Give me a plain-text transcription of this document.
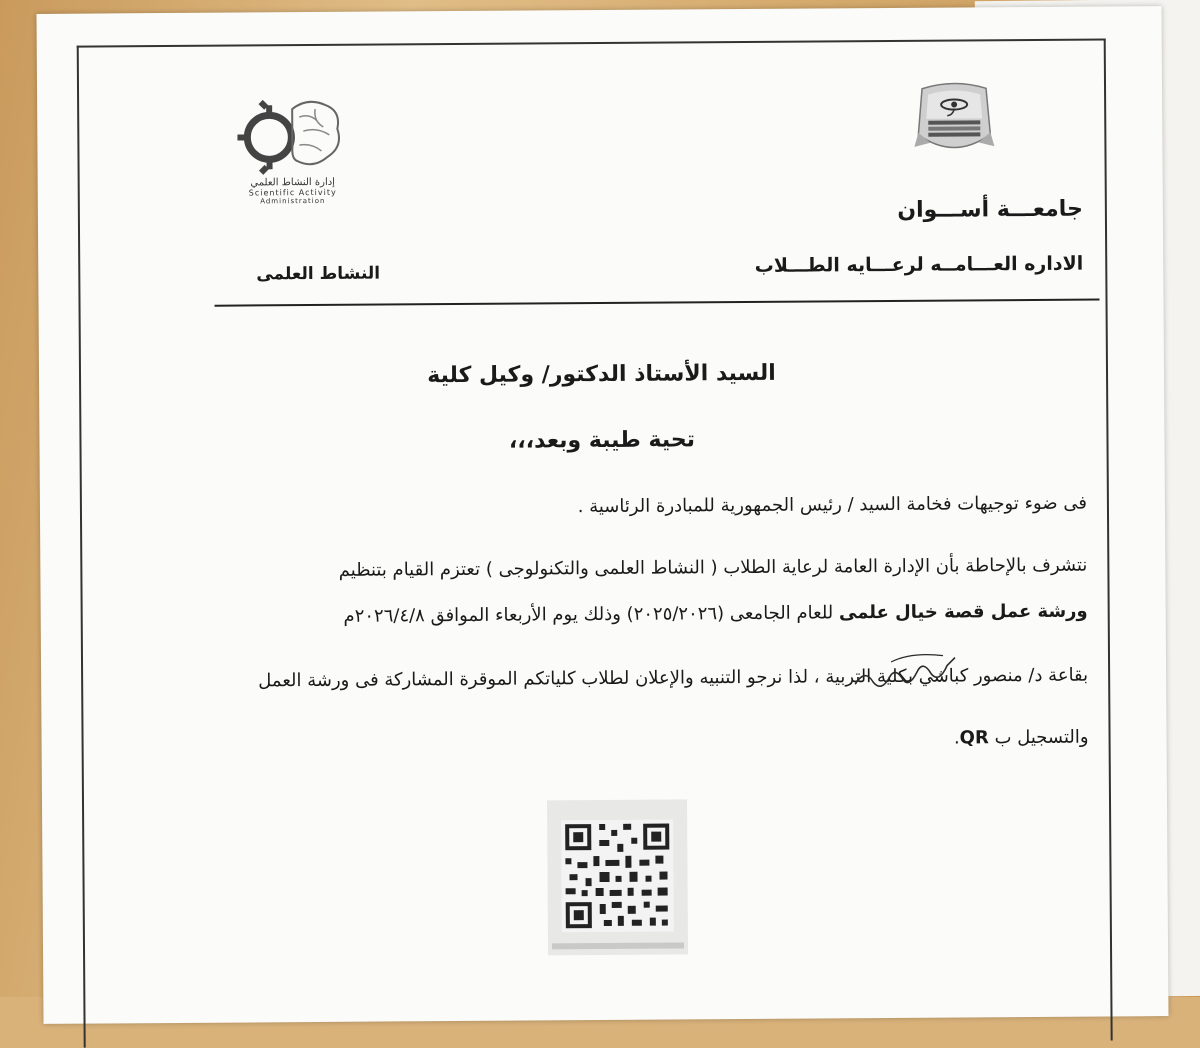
إدارة النشاط العلمي
Scientific Activity
Administration	جامعـــة أســـوان
الاداره العـــامــه لرعـــايه الطـــلاب
النشاط العلمى
السيد الأستاذ الدكتور/ وكيل كلية
تحية طيبة وبعد،،،
فى ضوء توجيهات فخامة السيد / رئيس الجمهورية للمبادرة الرئاسية .
نتشرف بالإحاطة بأن الإدارة العامة لرعاية الطلاب ( النشاط العلمى والتكنولوجى ) تعتزم القيام بتنظيم
ورشة عمل قصة خيال علمى للعام الجامعى (٢٠٢٥/٢٠٢٦) وذلك يوم الأربعاء الموافق ٢٠٢٦/٤/٨م
بقاعة د/ منصور كباشي بكلية التربية ، لذا نرجو التنبيه والإعلان لطلاب كلياتكم الموقرة المشاركة فى ورشة العمل
والتسجيل ب QR.
